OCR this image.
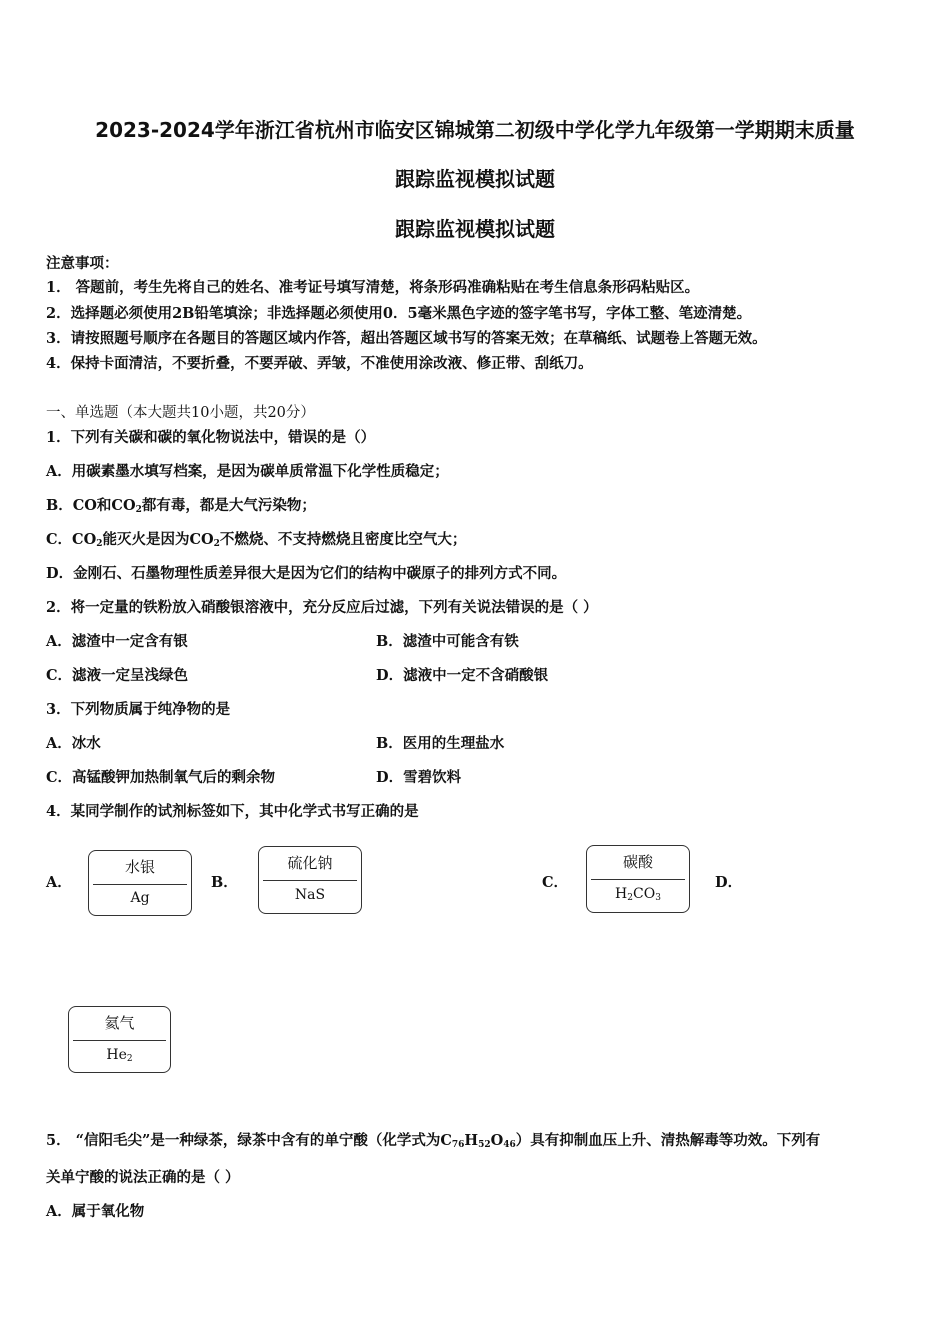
2023-2024学年浙江省杭州市临安区锦城第二初级中学化学九年级第一学期期末质量
跟踪监视模拟试题
跟踪监视模拟试题
注意事项：
1． 答题前，考生先将自己的姓名、准考证号填写清楚，将条形码准确粘贴在考生信息条形码粘贴区。
2．选择题必须使用2B铅笔填涂；非选择题必须使用0．5毫米黑色字迹的签字笔书写，字体工整、笔迹清楚。
3．请按照题号顺序在各题目的答题区域内作答，超出答题区域书写的答案无效；在草稿纸、试题卷上答题无效。
4．保持卡面清洁，不要折叠，不要弄破、弄皱，不准使用涂改液、修正带、刮纸刀。
一、单选题（本大题共10小题，共20分）
1．下列有关碳和碳的氧化物说法中，错误的是（）
A．用碳素墨水填写档案，是因为碳单质常温下化学性质稳定；
B．CO和$CO_2$都有毒，都是大气污染物；
C．$CO_2$能灭火是因为$CO_2$不燃烧、不支持燃烧且密度比空气大；
D．金刚石、石墨物理性质差异很大是因为它们的结构中碳原子的排列方式不同。
2．将一定量的铁粉放入硝酸银溶液中，充分反应后过滤，下列有关说法错误的是（ ）
A．滤渣中一定含有银	B．滤渣中可能含有铁
C．滤液一定呈浅绿色	D．滤液中一定不含硝酸银
3．下列物质属于纯净物的是
A．冰水	B．医用的生理盐水
C．高锰酸钾加热制氧气后的剩余物	D．雪碧饮料
4．某同学制作的试剂标签如下，其中化学式书写正确的是
A．
水银
Ag
B．
硫化钠
NaS
C．
碳酸
$H_2CO_3$
D．
氦气
$He_2$
5． “信阳毛尖”是一种绿茶，绿茶中含有的单宁酸（化学式为$C_{76}H_{52}O_{46}$）具有抑制血压上升、清热解毒等功效。下列有
关单宁酸的说法正确的是（ ）
A．属于氧化物
